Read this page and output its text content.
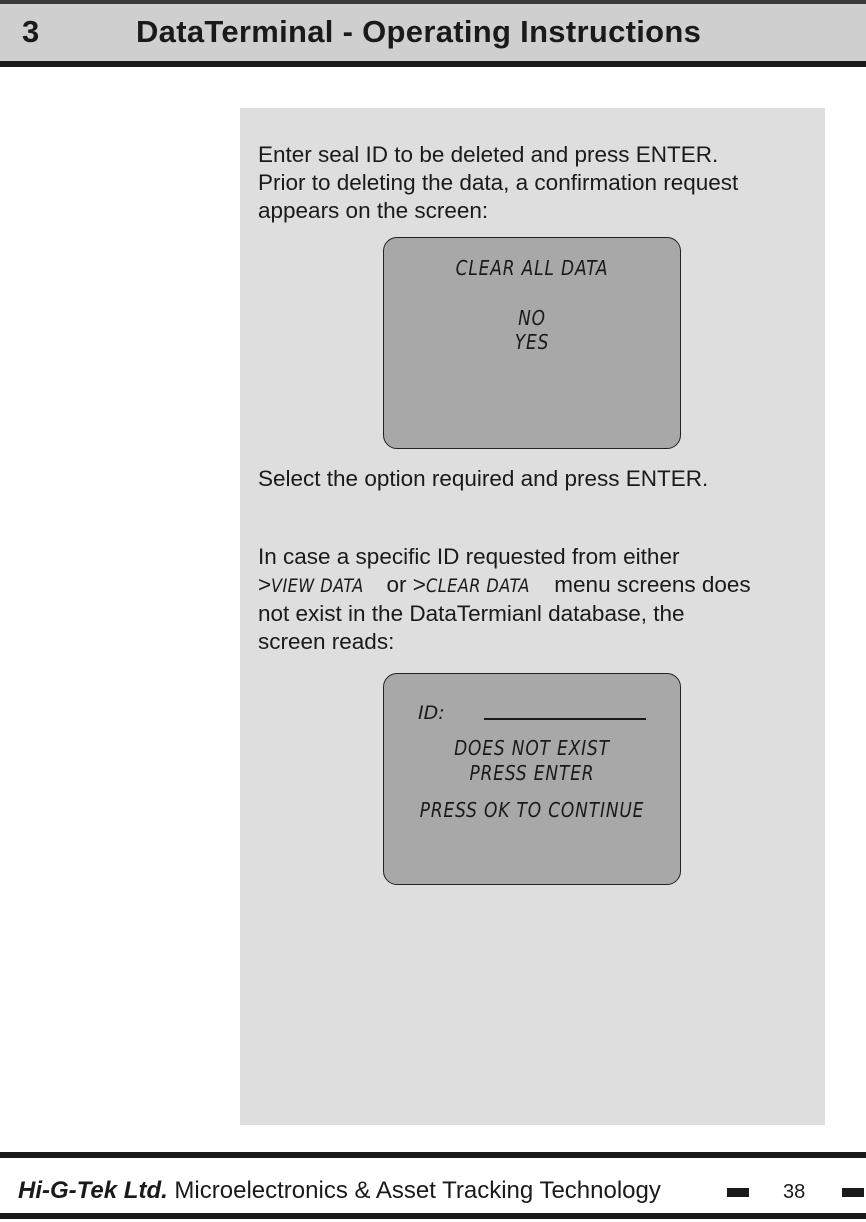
3	DataTerminal - Operating Instructions
Enter seal ID to be deleted and press ENTER.
Prior to deleting the data, a confirmation request
appears on the screen:
CLEAR ALL DATA
NO
YES
Select the option required and press ENTER.
In case a specific ID requested from either
>VIEW DATA or >CLEAR DATA menu screens does
not exist in the DataTermianl database, the
screen reads:
ID:
DOES NOT EXIST
PRESS ENTER
PRESS OK TO CONTINUE
Hi-G-Tek Ltd. Microelectronics & Asset Tracking Technology	38
